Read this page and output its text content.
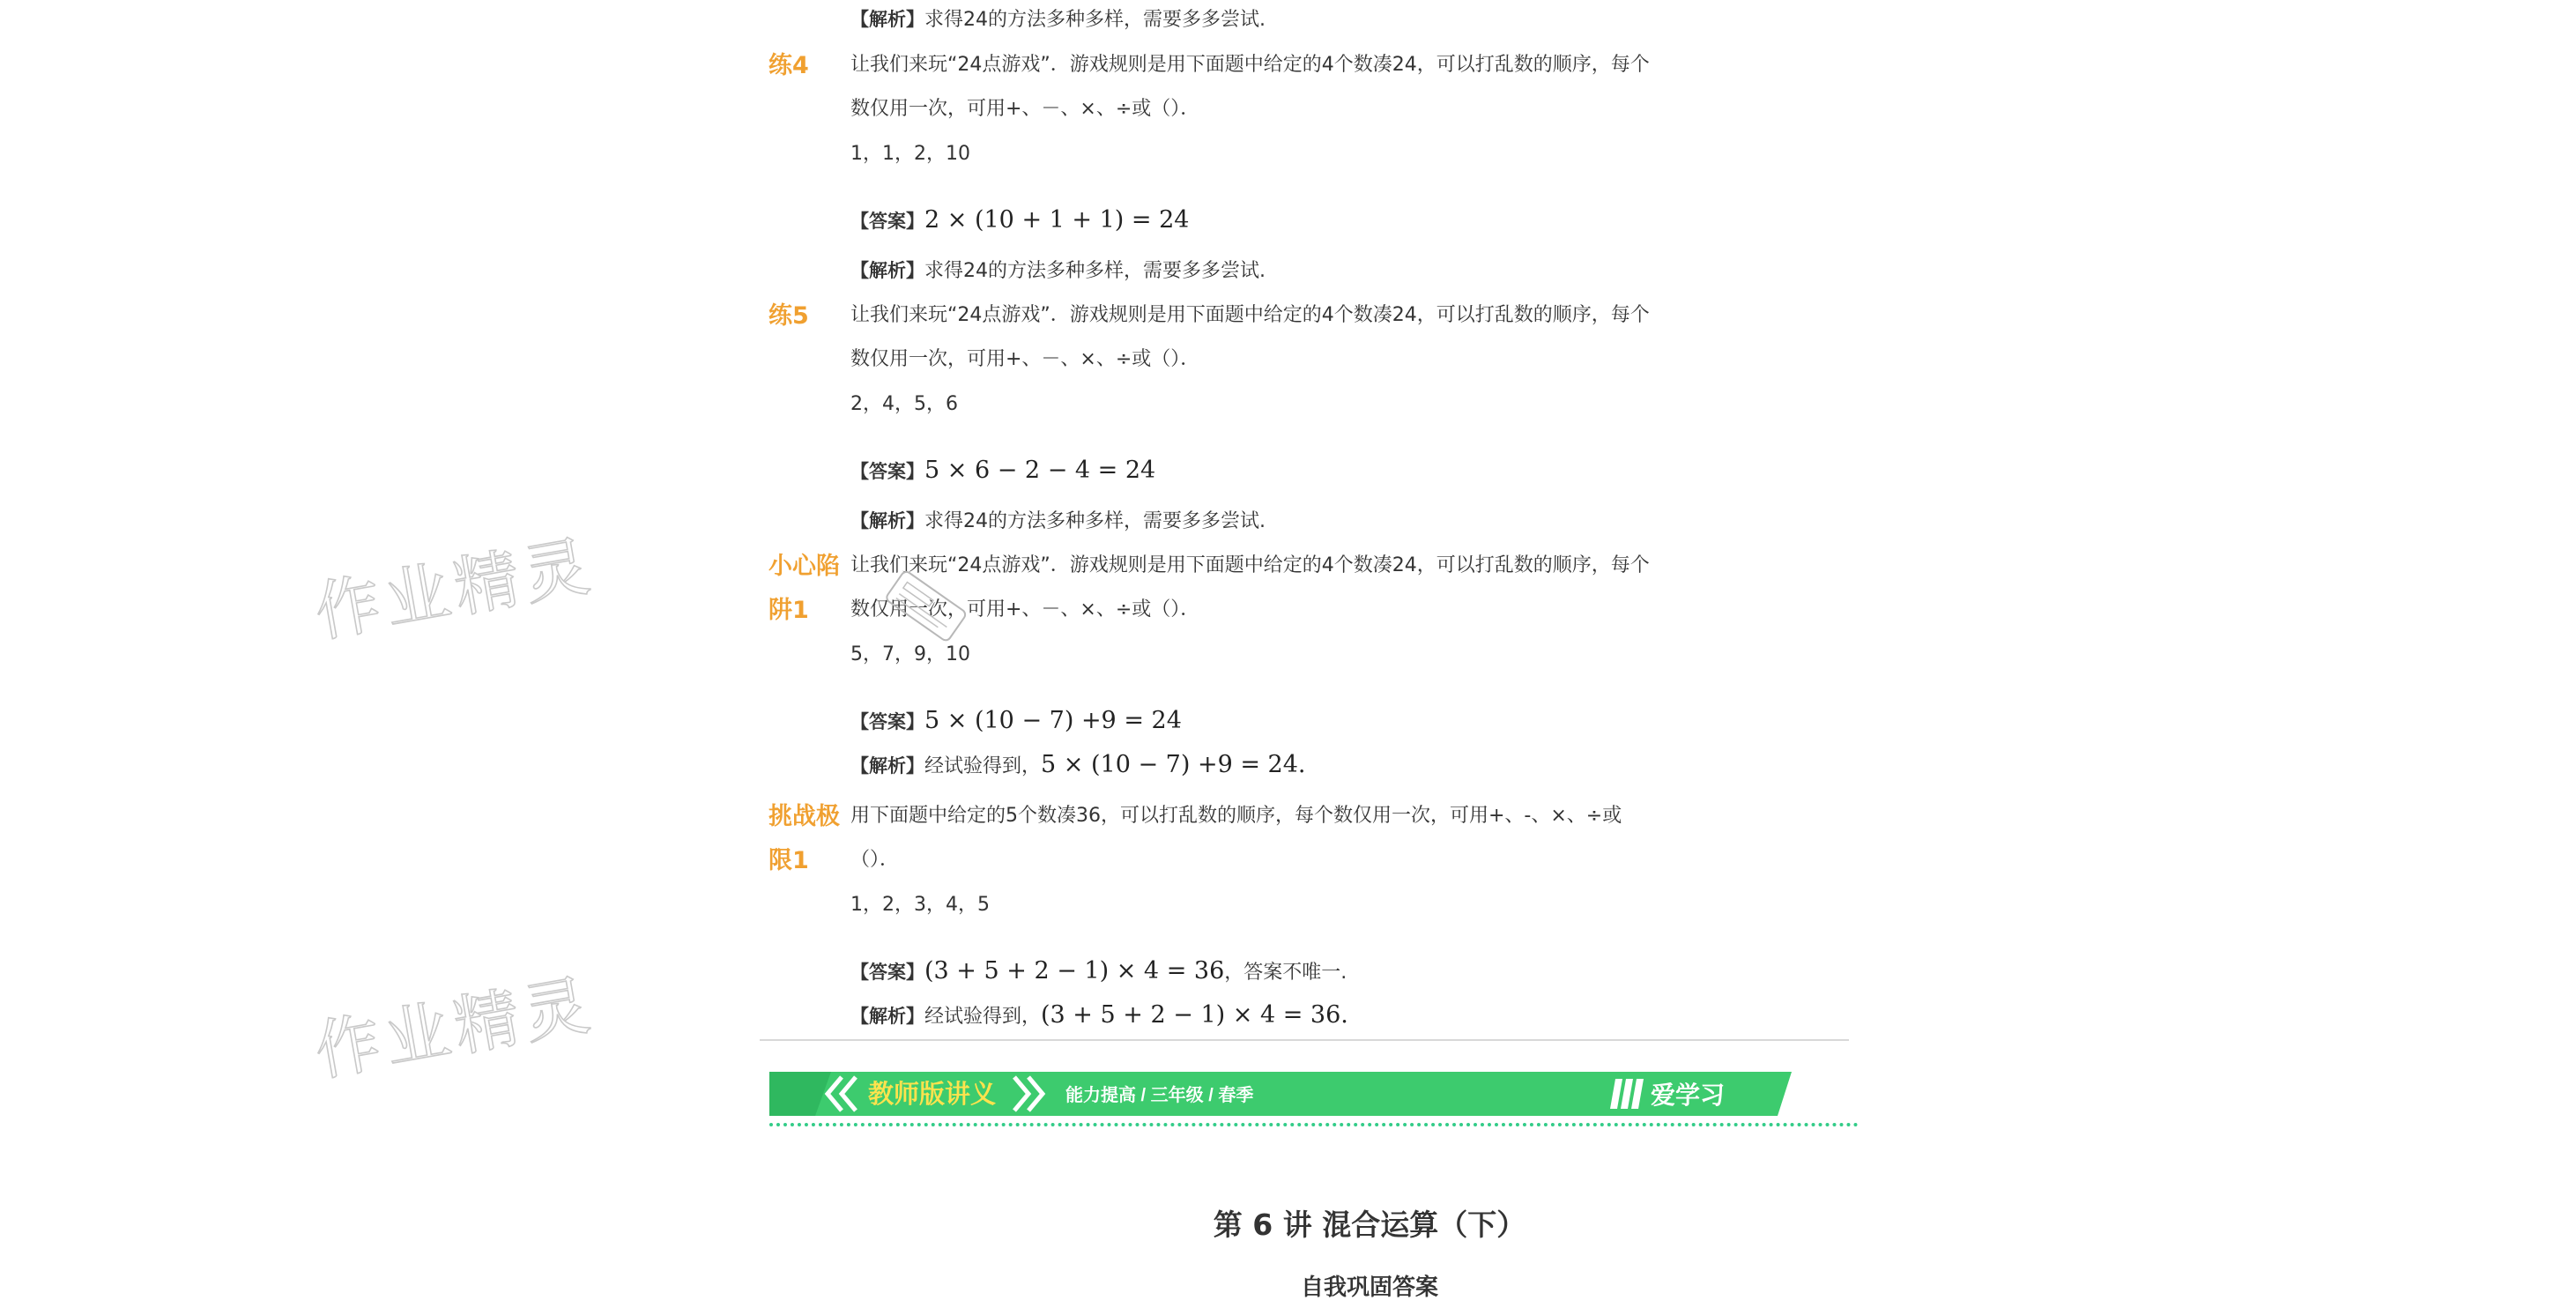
作业精灵
作业精灵
【解析】求得24的方法多种多样，需要多多尝试.
练4 让我们来玩“24点游戏”．游戏规则是用下面题中给定的4个数凑24，可以打乱数的顺序，每个
数仅用一次，可用+、－、×、÷或（）．
1，1，2，10
【答案】2 × (10 + 1 + 1) = 24
【解析】求得24的方法多种多样，需要多多尝试.
练5 让我们来玩“24点游戏”．游戏规则是用下面题中给定的4个数凑24，可以打乱数的顺序，每个
数仅用一次，可用+、－、×、÷或（）．
2，4，5，6
【答案】5 × 6 − 2 − 4 = 24
【解析】求得24的方法多种多样，需要多多尝试.
小心陷
阱1
让我们来玩“24点游戏”．游戏规则是用下面题中给定的4个数凑24，可以打乱数的顺序，每个
数仅用一次，可用+、－、×、÷或（）．
5，7，9，10
【答案】5 × (10 − 7) +9 = 24
【解析】经试验得到，5 × (10 − 7) +9 = 24.
挑战极
限1
用下面题中给定的5个数凑36，可以打乱数的顺序，每个数仅用一次，可用+、-、×、÷或
（）．
1，2，3，4，5
【答案】(3 + 5 + 2 − 1) × 4 = 36，答案不唯一.
【解析】经试验得到，(3 + 5 + 2 − 1) × 4 = 36.
教师版讲义	能力提高 / 三年级 / 春季	爱学习
第 6 讲 混合运算（下）
自我巩固答案
